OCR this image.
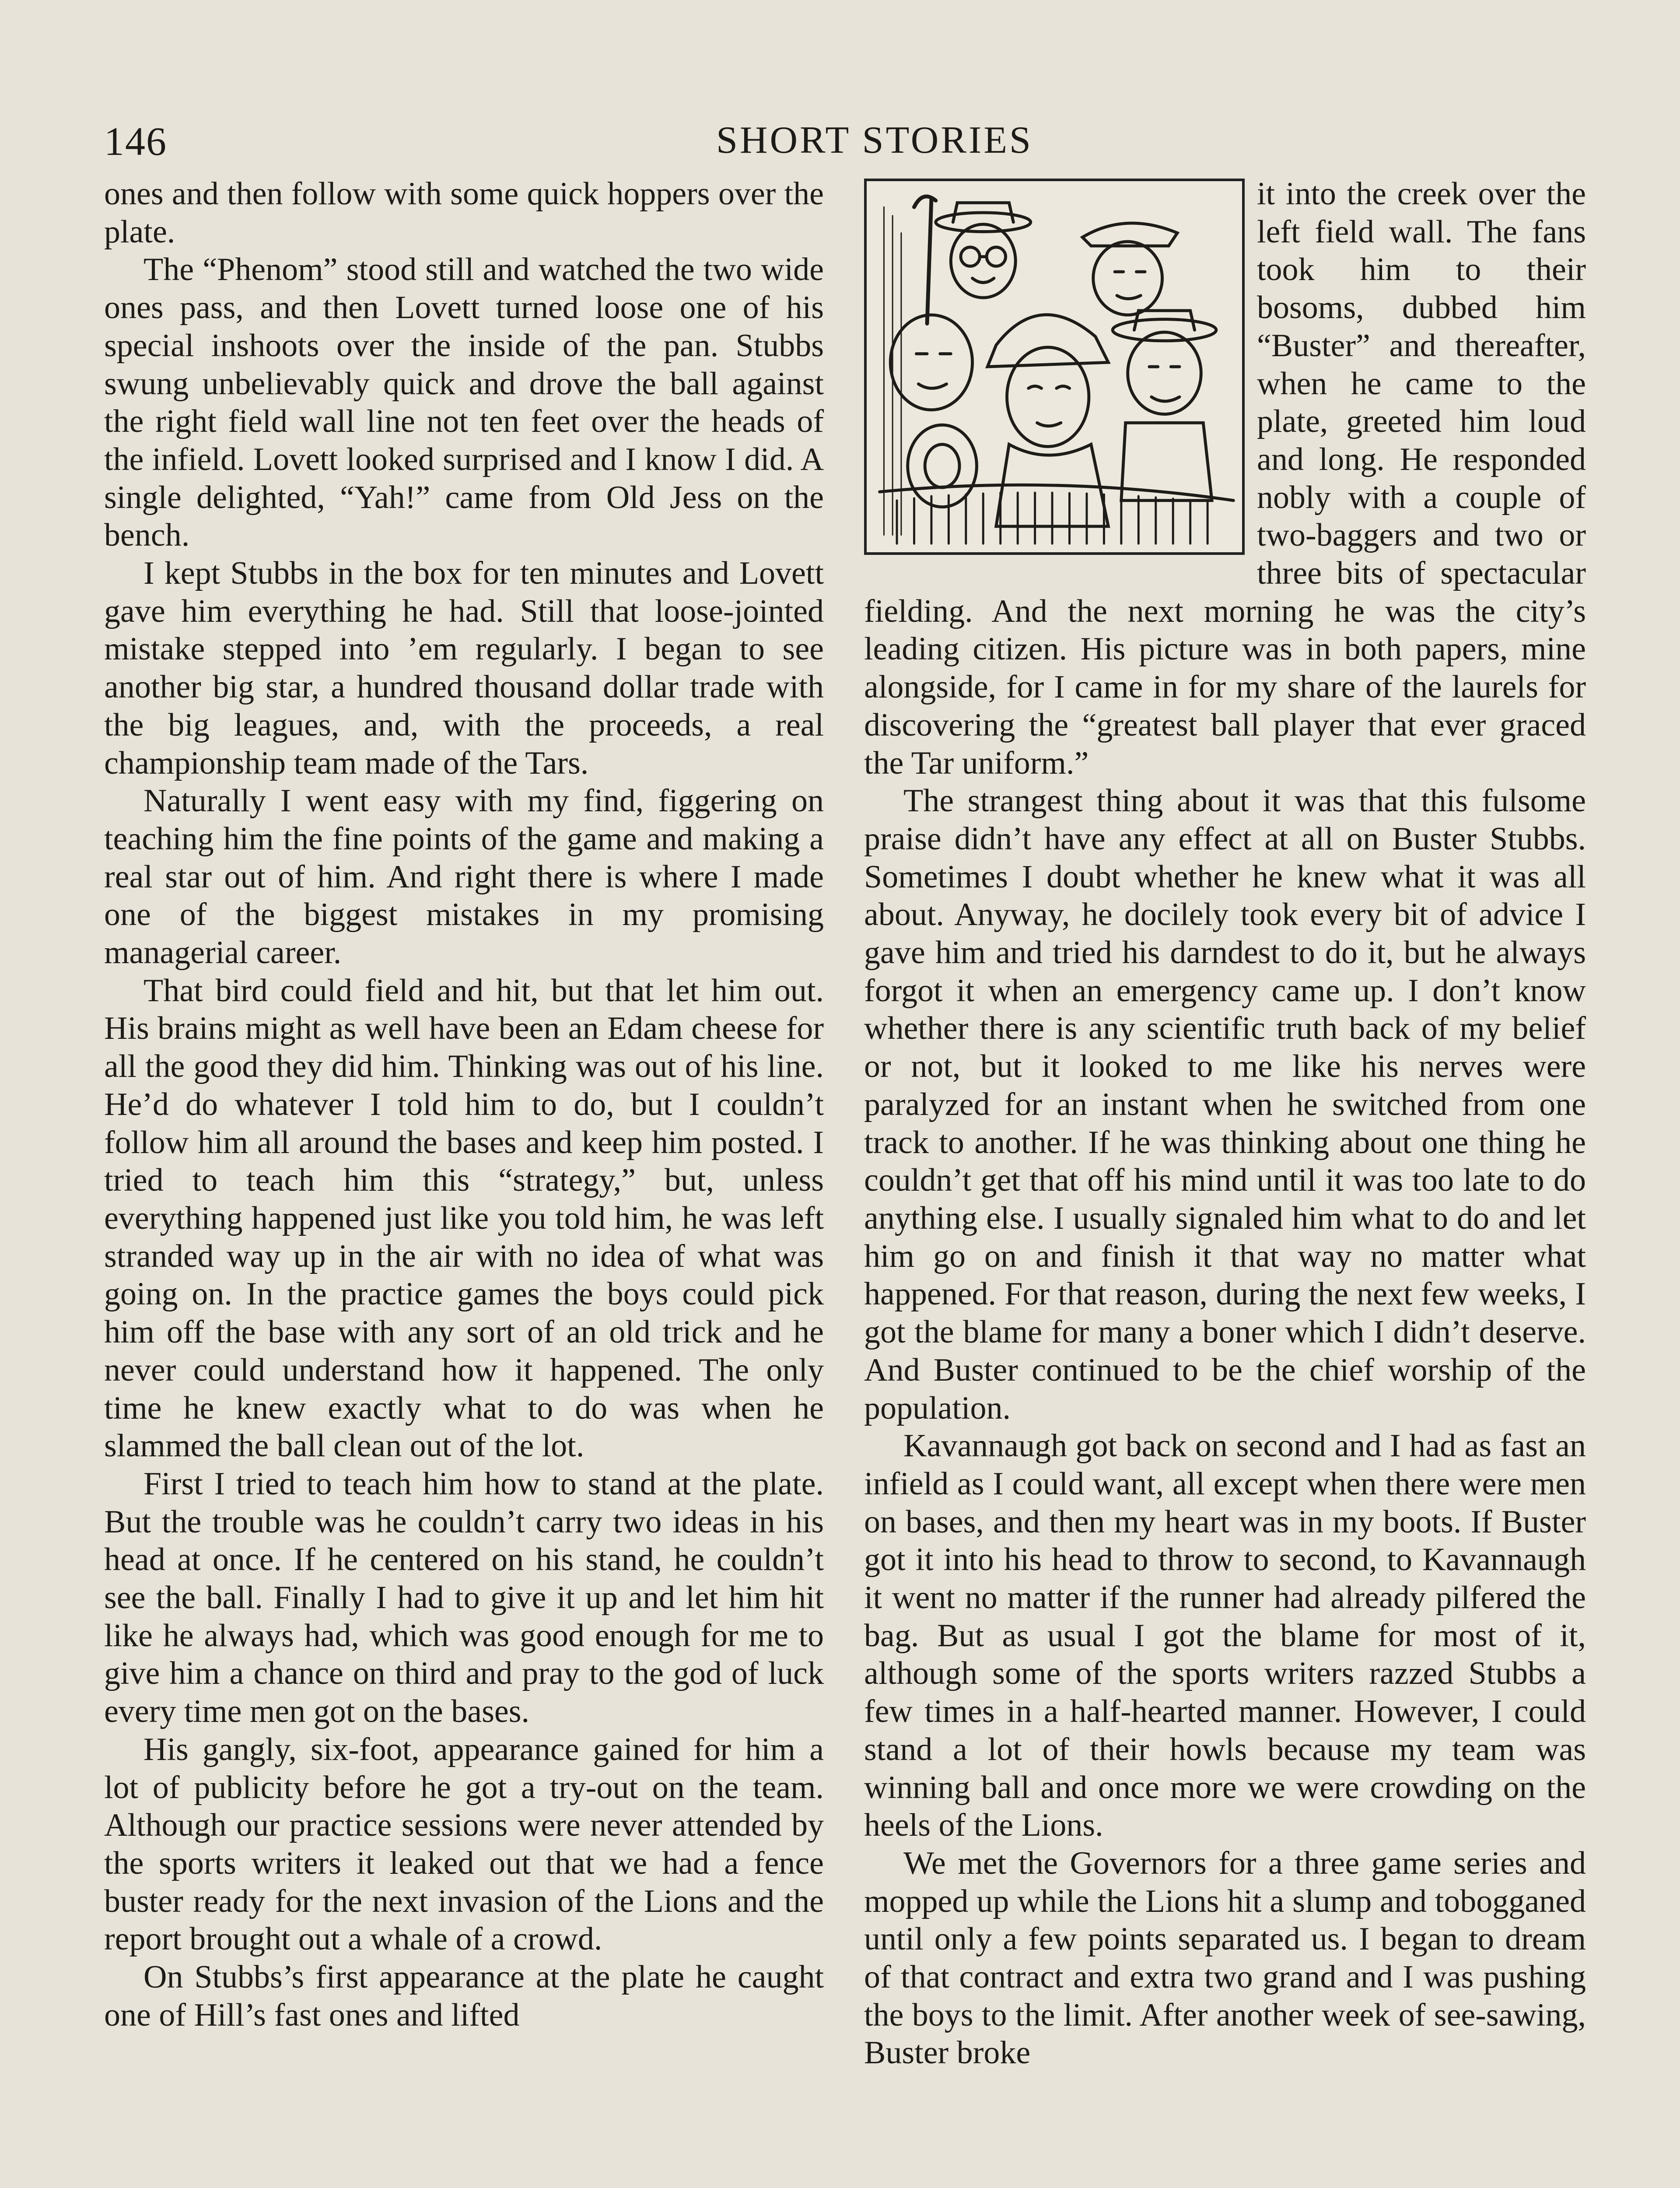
146	SHORT STORIES

ones and then follow with some quick hoppers over the plate.

The “Phenom” stood still and watched the two wide ones pass, and then Lovett turned loose one of his special inshoots over the inside of the pan. Stubbs swung unbelievably quick and drove the ball against the right field wall line not ten feet over the heads of the infield. Lovett looked surprised and I know I did. A single delighted, “Yah!” came from Old Jess on the bench.

I kept Stubbs in the box for ten minutes and Lovett gave him everything he had. Still that loose-jointed mistake stepped into ’em regularly. I began to see another big star, a hundred thousand dollar trade with the big leagues, and, with the proceeds, a real championship team made of the Tars.

Naturally I went easy with my find, figgering on teaching him the fine points of the game and making a real star out of him. And right there is where I made one of the biggest mistakes in my promising managerial career.

That bird could field and hit, but that let him out. His brains might as well have been an Edam cheese for all the good they did him. Thinking was out of his line. He’d do whatever I told him to do, but I couldn’t follow him all around the bases and keep him posted. I tried to teach him this “strategy,” but, unless everything happened just like you told him, he was left stranded way up in the air with no idea of what was going on. In the practice games the boys could pick him off the base with any sort of an old trick and he never could understand how it happened. The only time he knew exactly what to do was when he slammed the ball clean out of the lot.

First I tried to teach him how to stand at the plate. But the trouble was he couldn’t carry two ideas in his head at once. If he centered on his stand, he couldn’t see the ball. Finally I had to give it up and let him hit like he always had, which was good enough for me to give him a chance on third and pray to the god of luck every time men got on the bases.

His gangly, six-foot, appearance gained for him a lot of publicity before he got a try-out on the team. Although our practice sessions were never attended by the sports writers it leaked out that we had a fence buster ready for the next invasion of the Lions and the report brought out a whale of a crowd.

On Stubbs’s first appearance at the plate he caught one of Hill’s fast ones and lifted

it into the creek over the left field wall. The fans took him to their bosoms, dubbed him “Buster” and thereafter, when he came to the plate, greeted him loud and long. He responded nobly with a couple of two-baggers and two or three bits of spectacular fielding. And the next morning he was the city’s leading citizen. His picture was in both papers, mine alongside, for I came in for my share of the laurels for discovering the “greatest ball player that ever graced the Tar uniform.”

The strangest thing about it was that this fulsome praise didn’t have any effect at all on Buster Stubbs. Sometimes I doubt whether he knew what it was all about. Anyway, he docilely took every bit of advice I gave him and tried his darndest to do it, but he always forgot it when an emergency came up. I don’t know whether there is any scientific truth back of my belief or not, but it looked to me like his nerves were paralyzed for an instant when he switched from one track to another. If he was thinking about one thing he couldn’t get that off his mind until it was too late to do anything else. I usually signaled him what to do and let him go on and finish it that way no matter what happened. For that reason, during the next few weeks, I got the blame for many a boner which I didn’t deserve. And Buster continued to be the chief worship of the population.

Kavannaugh got back on second and I had as fast an infield as I could want, all except when there were men on bases, and then my heart was in my boots. If Buster got it into his head to throw to second, to Kavannaugh it went no matter if the runner had already pilfered the bag. But as usual I got the blame for most of it, although some of the sports writers razzed Stubbs a few times in a half-hearted manner. However, I could stand a lot of their howls because my team was winning ball and once more we were crowding on the heels of the Lions.

We met the Governors for a three game series and mopped up while the Lions hit a slump and tobogganed until only a few points separated us. I began to dream of that contract and extra two grand and I was pushing the boys to the limit. After another week of see-sawing, Buster broke
